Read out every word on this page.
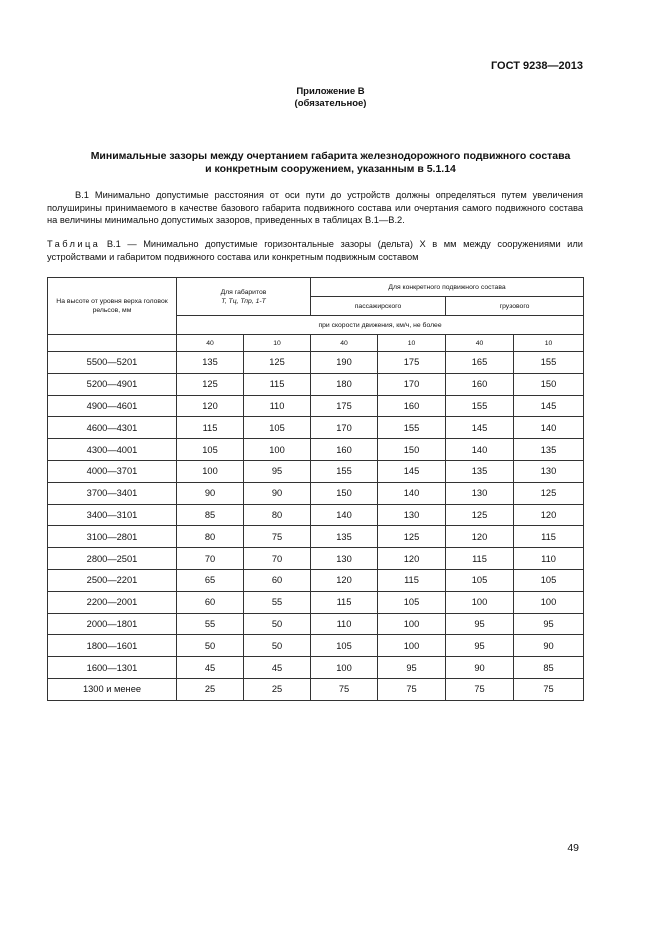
ГОСТ 9238—2013
Приложение В
(обязательное)
Минимальные зазоры между очертанием габарита железнодорожного подвижного состава
и конкретным сооружением, указанным в 5.1.14

В.1 Минимально допустимые расстояния от оси пути до устройств должны определяться путем увеличения полуширины принимаемого в качестве базового габарита подвижного состава или очертания самого подвижного состава на величины минимально допустимых зазоров, приведенных в таблицах В.1—В.2.

Таблица В.1 — Минимально допустимые горизонтальные зазоры (дельта) X в мм между сооружениями или устройствами и габаритом подвижного состава или конкретным подвижным составом

На высоте от уровня верха головок рельсов, мм	Для габаритов
Т, Тц, Тпр, 1-Т		Для конкретного подвижного состава			
			пассажирского		грузового	
	при скорости движения, км/ч, не более					
	40	10	40	10	40	10
5500—5201	135	125	190	175	165	155
5200—4901	125	115	180	170	160	150
4900—4601	120	110	175	160	155	145
4600—4301	115	105	170	155	145	140
4300—4001	105	100	160	150	140	135
4000—3701	100	95	155	145	135	130
3700—3401	90	90	150	140	130	125
3400—3101	85	80	140	130	125	120
3100—2801	80	75	135	125	120	115
2800—2501	70	70	130	120	115	110
2500—2201	65	60	120	115	105	105
2200—2001	60	55	115	105	100	100
2000—1801	55	50	110	100	95	95
1800—1601	50	50	105	100	95	90
1600—1301	45	45	100	95	90	85
1300 и менее	25	25	75	75	75	75
49
